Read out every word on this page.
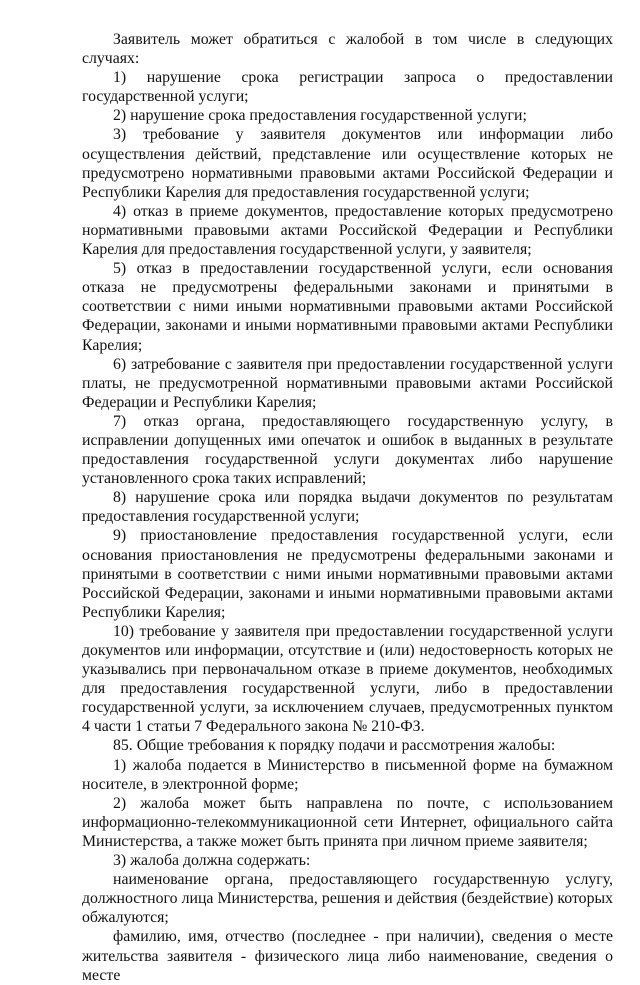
Заявитель может обратиться с жалобой в том числе в следующих случаях:

1) нарушение срока регистрации запроса о предоставлении государственной услуги;

2) нарушение срока предоставления государственной услуги;

3) требование у заявителя документов или информации либо осуществления действий, представление или осуществление которых не предусмотрено нормативными правовыми актами Российской Федерации и Республики Карелия для предоставления государственной услуги;

4) отказ в приеме документов, предоставление которых предусмотрено нормативными правовыми актами Российской Федерации и Республики Карелия для предоставления государственной услуги, у заявителя;

5) отказ в предоставлении государственной услуги, если основания отказа не предусмотрены федеральными законами и принятыми в соответствии с ними иными нормативными правовыми актами Российской Федерации, законами и иными нормативными правовыми актами Республики Карелия;

6) затребование с заявителя при предоставлении государственной услуги платы, не предусмотренной нормативными правовыми актами Российской Федерации и Республики Карелия;

7) отказ органа, предоставляющего государственную услугу, в исправлении допущенных ими опечаток и ошибок в выданных в результате предоставления государственной услуги документах либо нарушение установленного срока таких исправлений;

8) нарушение срока или порядка выдачи документов по результатам предоставления государственной услуги;

9) приостановление предоставления государственной услуги, если основания приостановления не предусмотрены федеральными законами и принятыми в соответствии с ними иными нормативными правовыми актами Российской Федерации, законами и иными нормативными правовыми актами Республики Карелия;

10) требование у заявителя при предоставлении государственной услуги документов или информации, отсутствие и (или) недостоверность которых не указывались при первоначальном отказе в приеме документов, необходимых для предоставления государственной услуги, либо в предоставлении государственной услуги, за исключением случаев, предусмотренных пунктом 4 части 1 статьи 7 Федерального закона № 210-ФЗ.

85. Общие требования к порядку подачи и рассмотрения жалобы:

1) жалоба подается в Министерство в письменной форме на бумажном носителе, в электронной форме;

2) жалоба может быть направлена по почте, с использованием информационно-телекоммуникационной сети Интернет, официального сайта Министерства, а также может быть принята при личном приеме заявителя;

3) жалоба должна содержать:

наименование органа, предоставляющего государственную услугу, должностного лица Министерства, решения и действия (бездействие) которых обжалуются;

фамилию, имя, отчество (последнее - при наличии), сведения о месте жительства заявителя - физического лица либо наименование, сведения о месте
